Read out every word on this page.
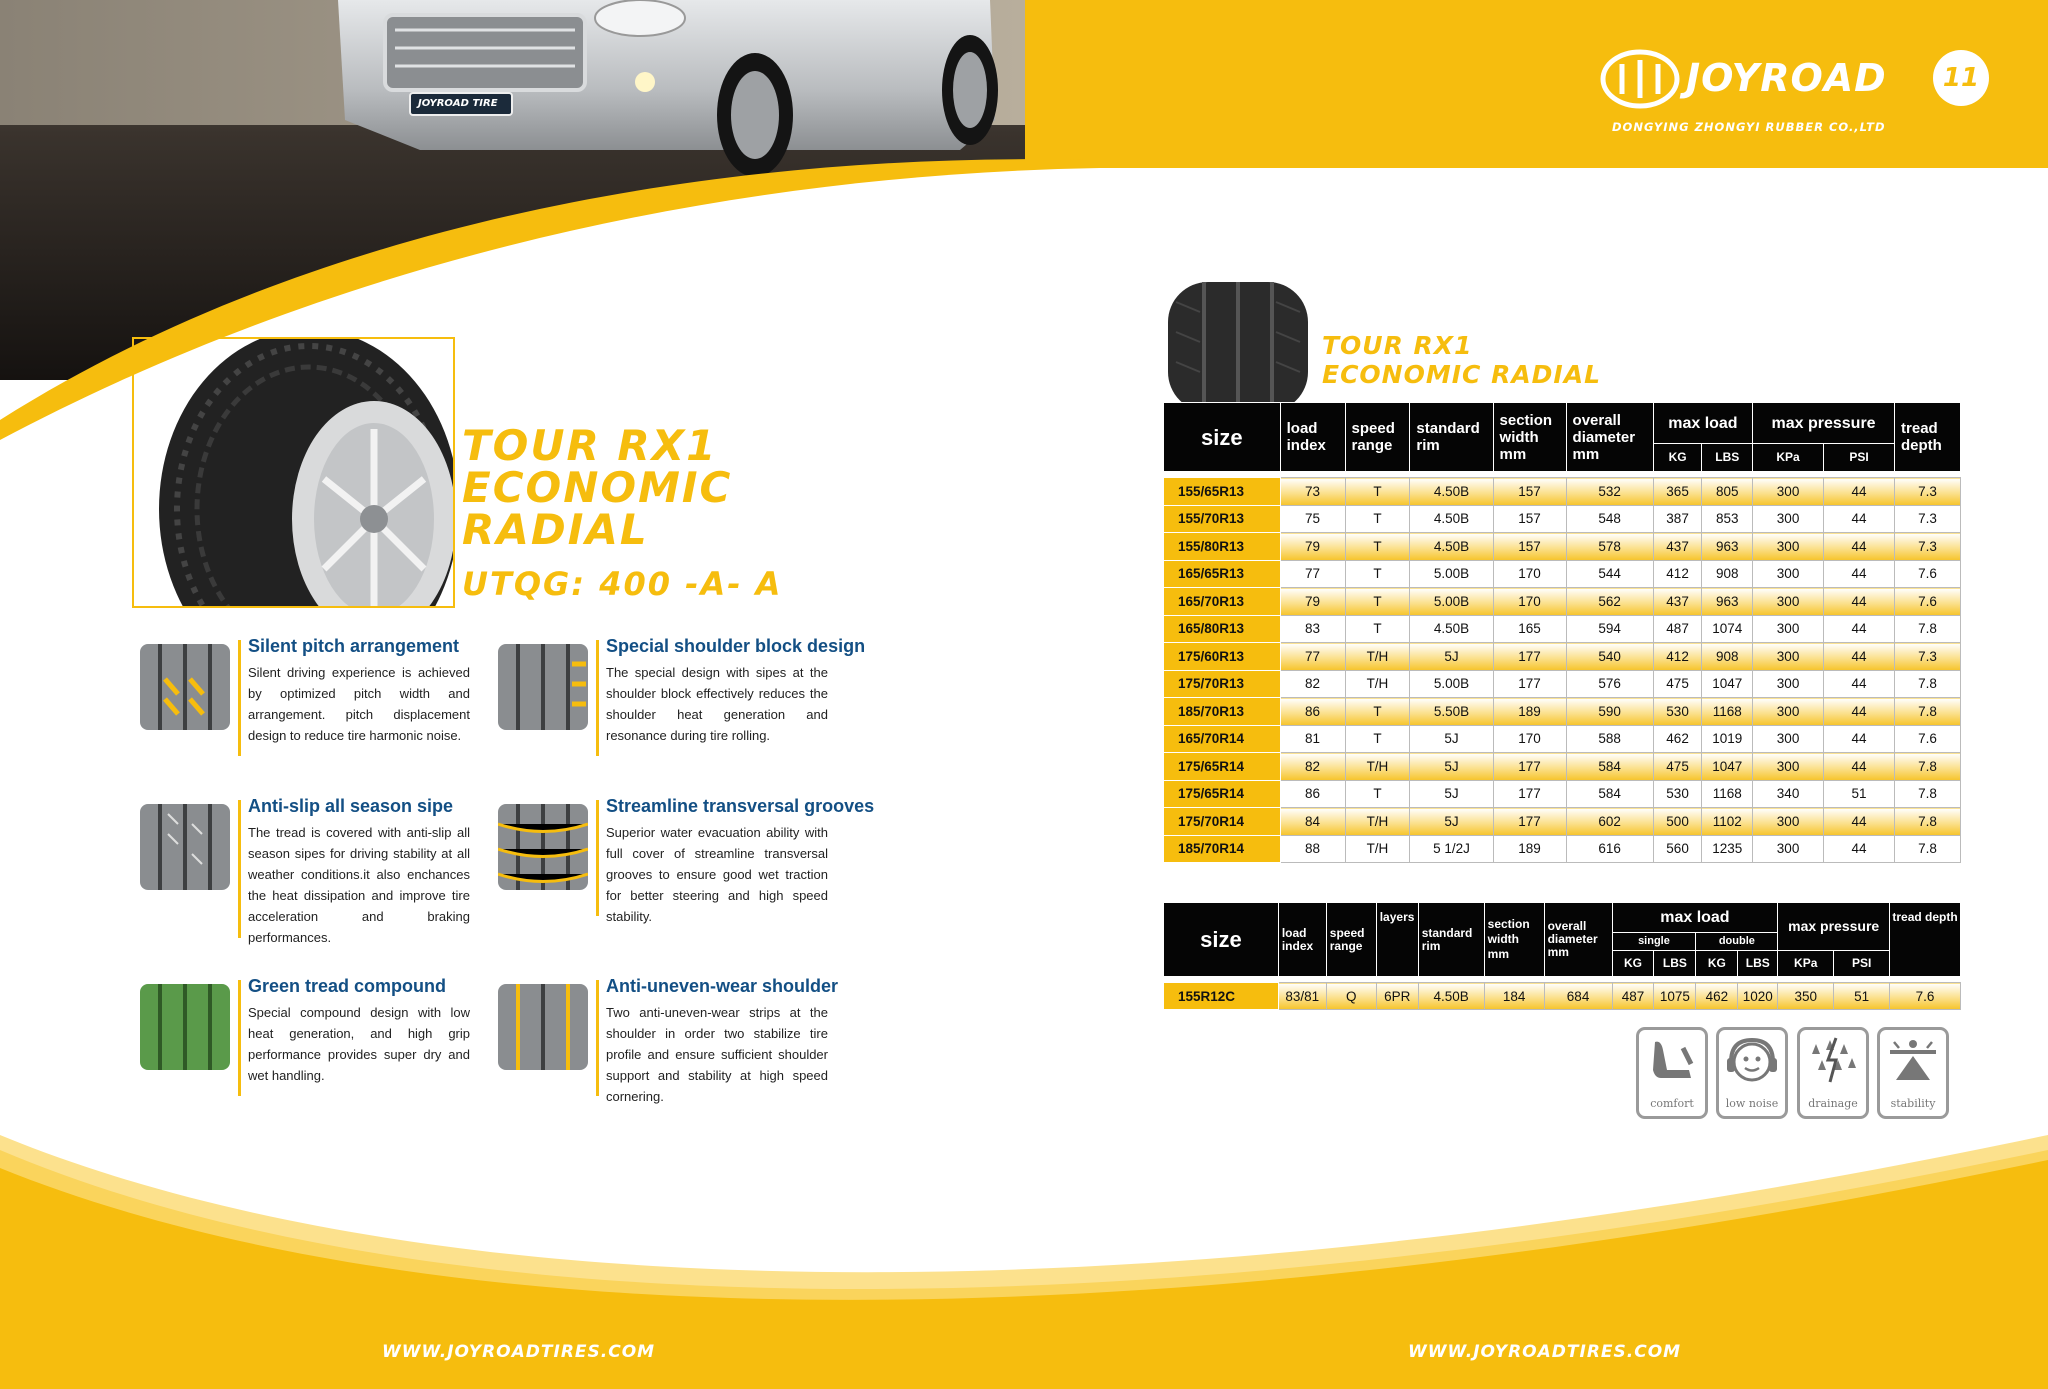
JOYROAD	11
DONGYING ZHONGYI RUBBER CO.,LTD
TOUR RX1
ECONOMIC
RADIAL
UTQG: 400 -A- A
Silent pitch arrangement

Silent driving experience is achieved by optimized pitch width and arrangement. pitch displacement design to reduce tire harmonic noise.

Special shoulder block design

The special design with sipes at the shoulder block effectively reduces the shoulder heat generation and resonance during tire rolling.

Anti-slip all season sipe

The tread is covered with anti-slip all season sipes for driving stability at all weather conditions.it also enchances the heat dissipation and improve tire acceleration and braking performances.

Streamline transversal grooves

Superior water evacuation ability with full cover of streamline transversal grooves to ensure good wet traction for better steering and high speed stability.

Green tread compound

Special compound design with low heat generation, and high grip performance provides super dry and wet handling.

Anti-uneven-wear shoulder

Two anti-uneven-wear strips at the shoulder in order two stabilize tire profile and ensure sufficient shoulder support and stability at high speed cornering.

TOUR RX1
ECONOMIC RADIAL
size	load index	speed range	standard rim	section width mm	overall diameter mm	max load		max pressure		tread depth
						KG	LBS	KPa	PSI	

155/65R13	73	T	4.50B	157	532	365	805	300	44	7.3
155/70R13	75	T	4.50B	157	548	387	853	300	44	7.3
155/80R13	79	T	4.50B	157	578	437	963	300	44	7.3
165/65R13	77	T	5.00B	170	544	412	908	300	44	7.6
165/70R13	79	T	5.00B	170	562	437	963	300	44	7.6
165/80R13	83	T	4.50B	165	594	487	1074	300	44	7.8
175/60R13	77	T/H	5J	177	540	412	908	300	44	7.3
175/70R13	82	T/H	5.00B	177	576	475	1047	300	44	7.8
185/70R13	86	T	5.50B	189	590	530	1168	300	44	7.8
165/70R14	81	T	5J	170	588	462	1019	300	44	7.6
175/65R14	82	T/H	5J	177	584	475	1047	300	44	7.8
175/65R14	86	T	5J	177	584	530	1168	340	51	7.8
175/70R14	84	T/H	5J	177	602	500	1102	300	44	7.8
185/70R14	88	T/H	5 1/2J	189	616	560	1235	300	44	7.8
size	load index	speed range	layers	standard rim	section width mm	overall diameter mm	max load				max pressure		tread depth
							single		double				
							KG	LBS	KG	LBS	KPa	PSI	

155R12C	83/81	Q	6PR	4.50B	184	684	487	1075	462	1020	350	51	7.6
comfort	low noise	drainage	stability
WWW.JOYROADTIRES.COM	WWW.JOYROADTIRES.COM
JOYROAD TIRE
